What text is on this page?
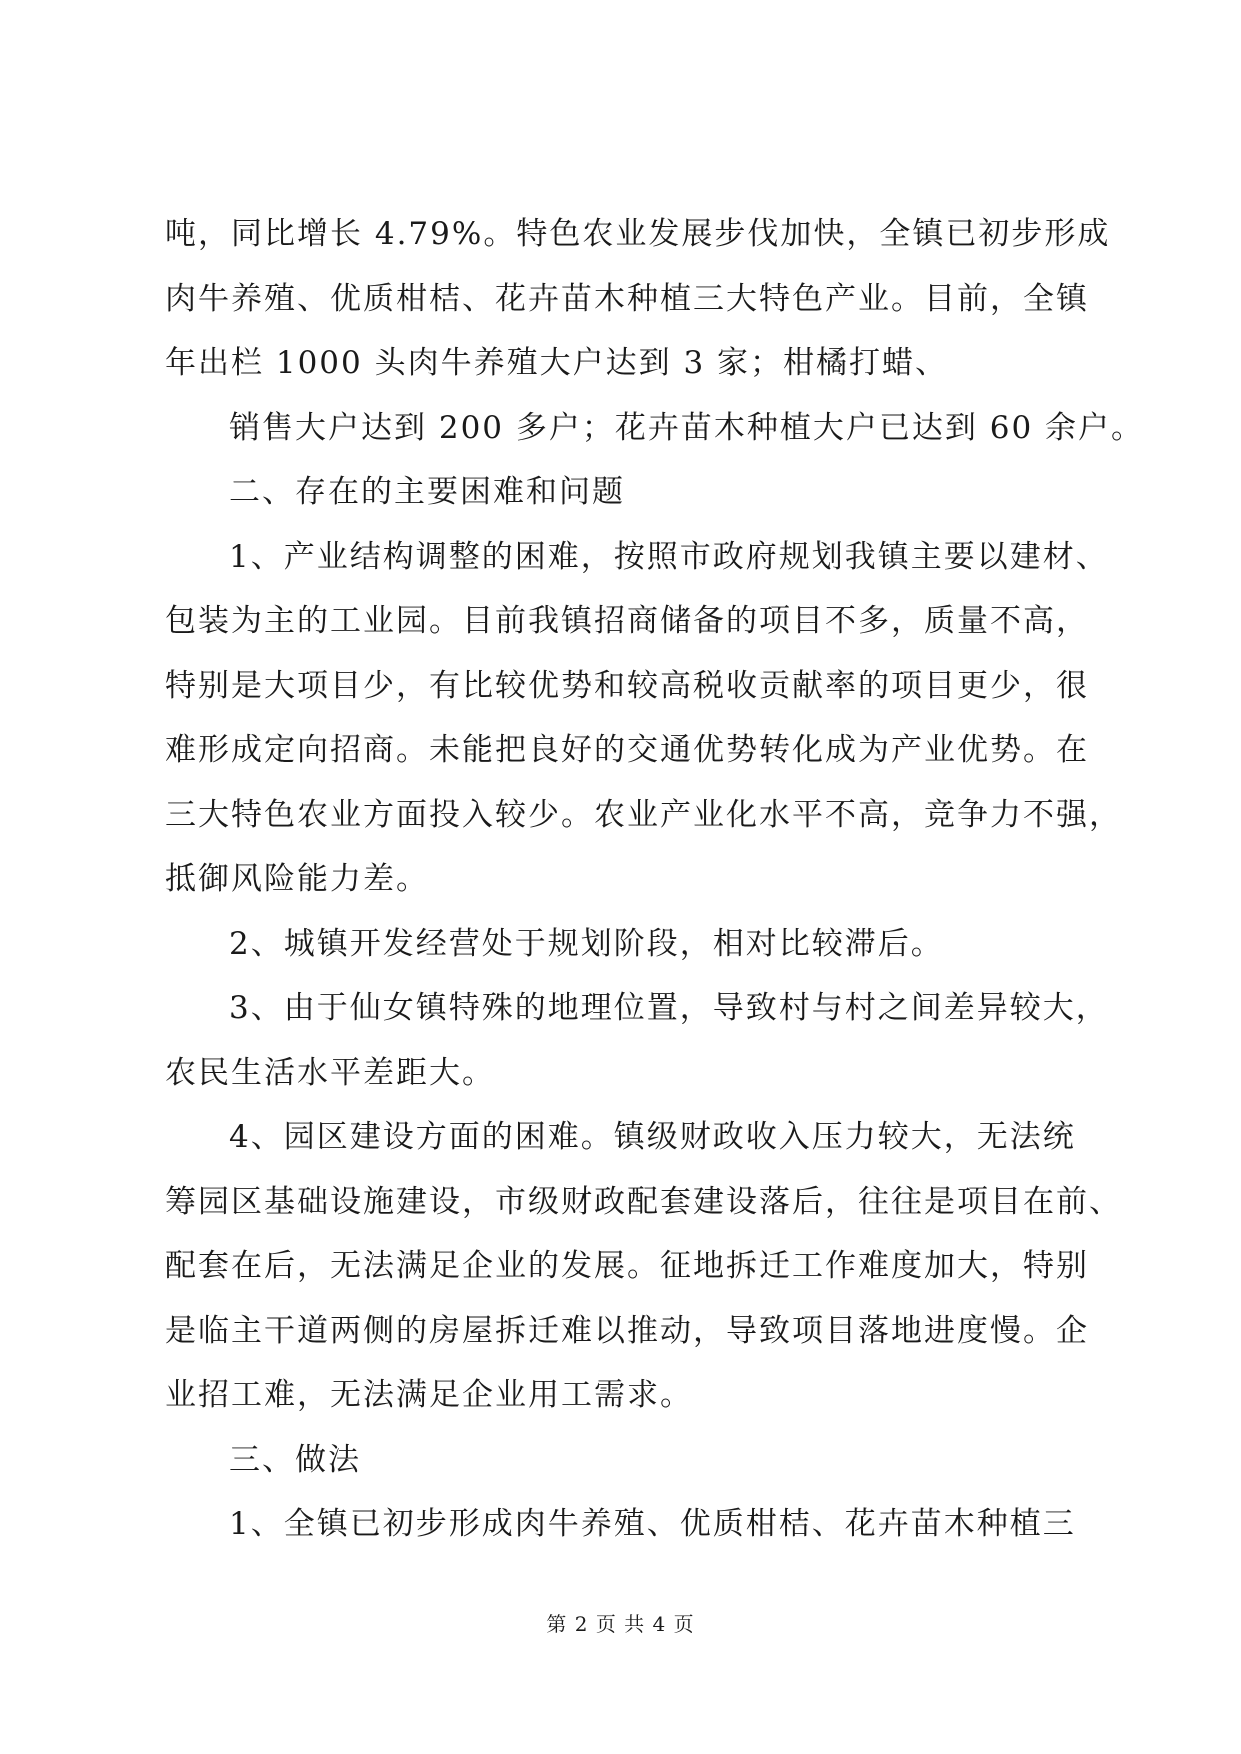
吨，同比增长 4.79%。特色农业发展步伐加快，全镇已初步形成
肉牛养殖、优质柑桔、花卉苗木种植三大特色产业。目前，全镇
年出栏 1000 头肉牛养殖大户达到 3 家；柑橘打蜡、
销售大户达到 200 多户；花卉苗木种植大户已达到 60 余户。
二、存在的主要困难和问题
1、产业结构调整的困难，按照市政府规划我镇主要以建材、
包装为主的工业园。目前我镇招商储备的项目不多，质量不高，
特别是大项目少，有比较优势和较高税收贡献率的项目更少，很
难形成定向招商。未能把良好的交通优势转化成为产业优势。在
三大特色农业方面投入较少。农业产业化水平不高，竞争力不强，
抵御风险能力差。
2、城镇开发经营处于规划阶段，相对比较滞后。
3、由于仙女镇特殊的地理位置，导致村与村之间差异较大，
农民生活水平差距大。
4、园区建设方面的困难。镇级财政收入压力较大，无法统
筹园区基础设施建设，市级财政配套建设落后，往往是项目在前、
配套在后，无法满足企业的发展。征地拆迁工作难度加大，特别
是临主干道两侧的房屋拆迁难以推动，导致项目落地进度慢。企
业招工难，无法满足企业用工需求。
三、做法
1、全镇已初步形成肉牛养殖、优质柑桔、花卉苗木种植三
第 2 页 共 4 页
